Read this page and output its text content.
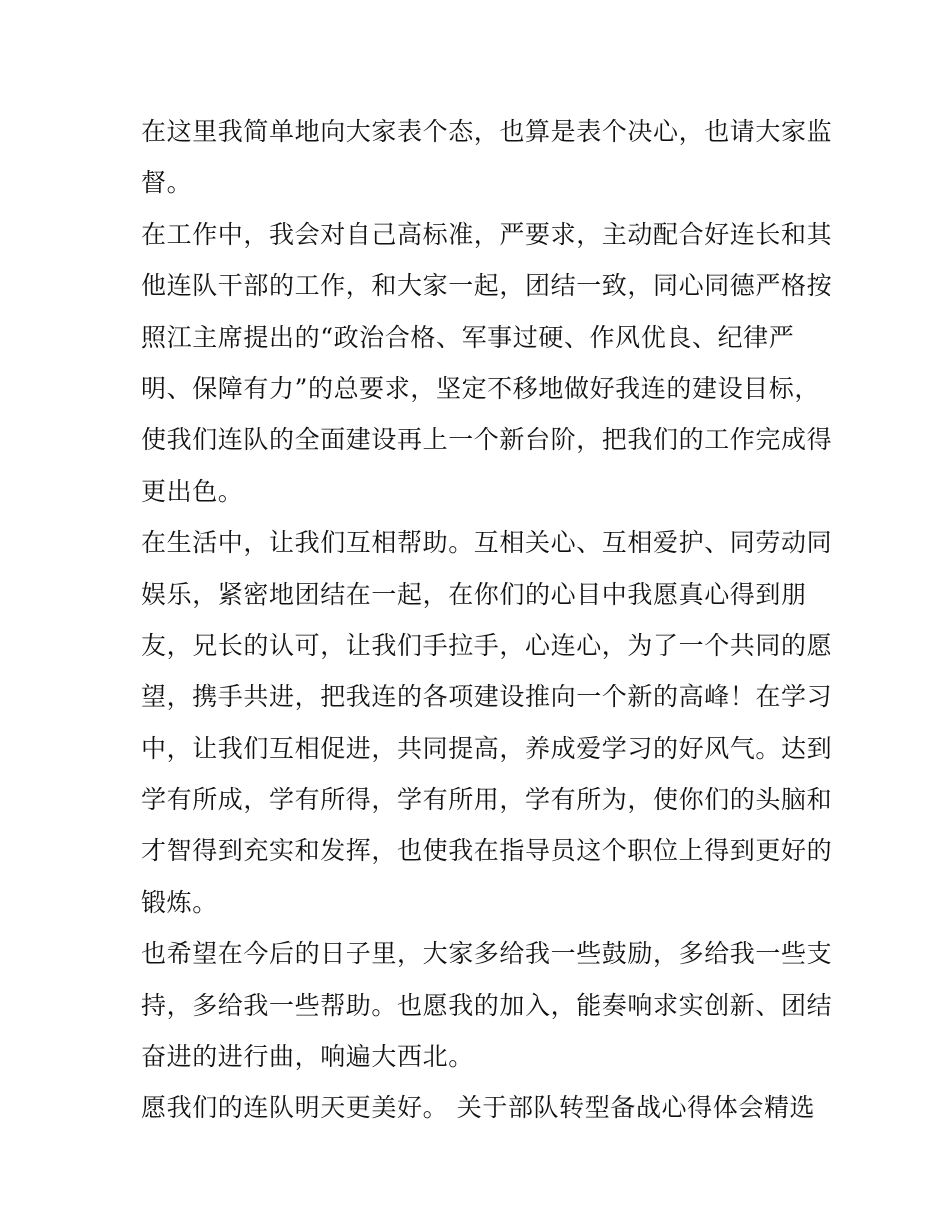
在这里我简单地向大家表个态，也算是表个决心，也请大家监
督。
在工作中，我会对自己高标准，严要求，主动配合好连长和其
他连队干部的工作，和大家一起，团结一致，同心同德严格按
照江主席提出的“政治合格、军事过硬、作风优良、纪律严
明、保障有力”的总要求，坚定不移地做好我连的建设目标，
使我们连队的全面建设再上一个新台阶，把我们的工作完成得
更出色。
在生活中，让我们互相帮助。互相关心、互相爱护、同劳动同
娱乐，紧密地团结在一起，在你们的心目中我愿真心得到朋
友，兄长的认可，让我们手拉手，心连心，为了一个共同的愿
望，携手共进，把我连的各项建设推向一个新的高峰！在学习
中，让我们互相促进，共同提高，养成爱学习的好风气。达到
学有所成，学有所得，学有所用，学有所为，使你们的头脑和
才智得到充实和发挥，也使我在指导员这个职位上得到更好的
锻炼。
也希望在今后的日子里，大家多给我一些鼓励，多给我一些支
持，多给我一些帮助。也愿我的加入，能奏响求实创新、团结
奋进的进行曲，响遍大西北。
愿我们的连队明天更美好。 关于部队转型备战心得体会精选
